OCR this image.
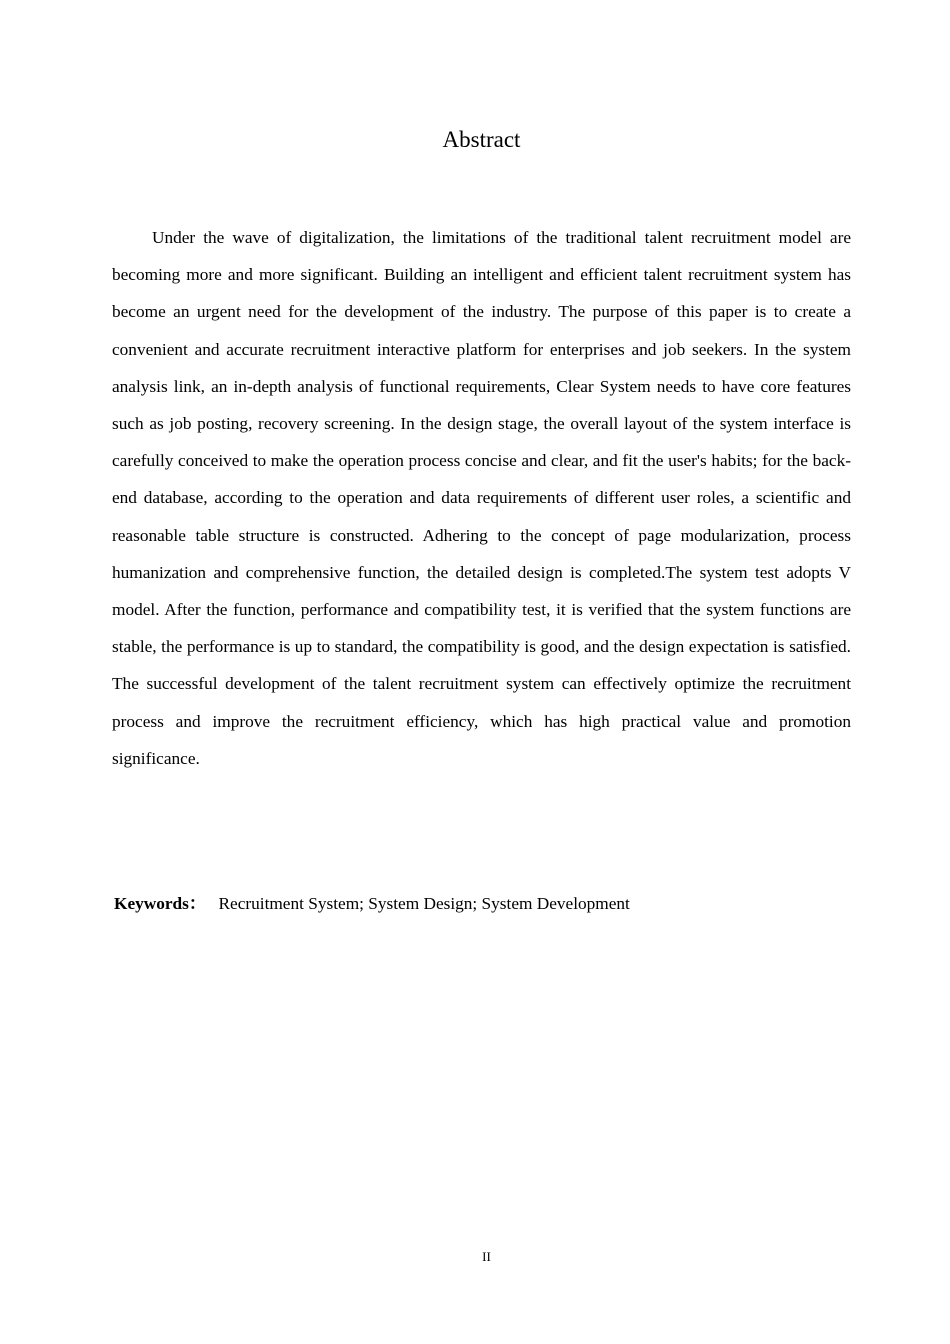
Abstract

Under the wave of digitalization, the limitations of the traditional talent recruitment model are becoming more and more significant. Building an intelligent and efficient talent recruitment system has become an urgent need for the development of the industry. The purpose of this paper is to create a convenient and accurate recruitment interactive platform for enterprises and job seekers. In the system analysis link, an in-depth analysis of functional requirements, Clear System needs to have core features such as job posting, recovery screening. In the design stage, the overall layout of the system interface is carefully conceived to make the operation process concise and clear, and fit the user's habits; for the back-end database, according to the operation and data requirements of different user roles, a scientific and reasonable table structure is constructed. Adhering to the concept of page modularization, process humanization and comprehensive function, the detailed design is completed.The system test adopts V model. After the function, performance and compatibility test, it is verified that the system functions are stable, the performance is up to standard, the compatibility is good, and the design expectation is satisfied. The successful development of the talent recruitment system can effectively optimize the recruitment process and improve the recruitment efficiency, which has high practical value and promotion significance.

Keywords： Recruitment System; System Design; System Development
II
